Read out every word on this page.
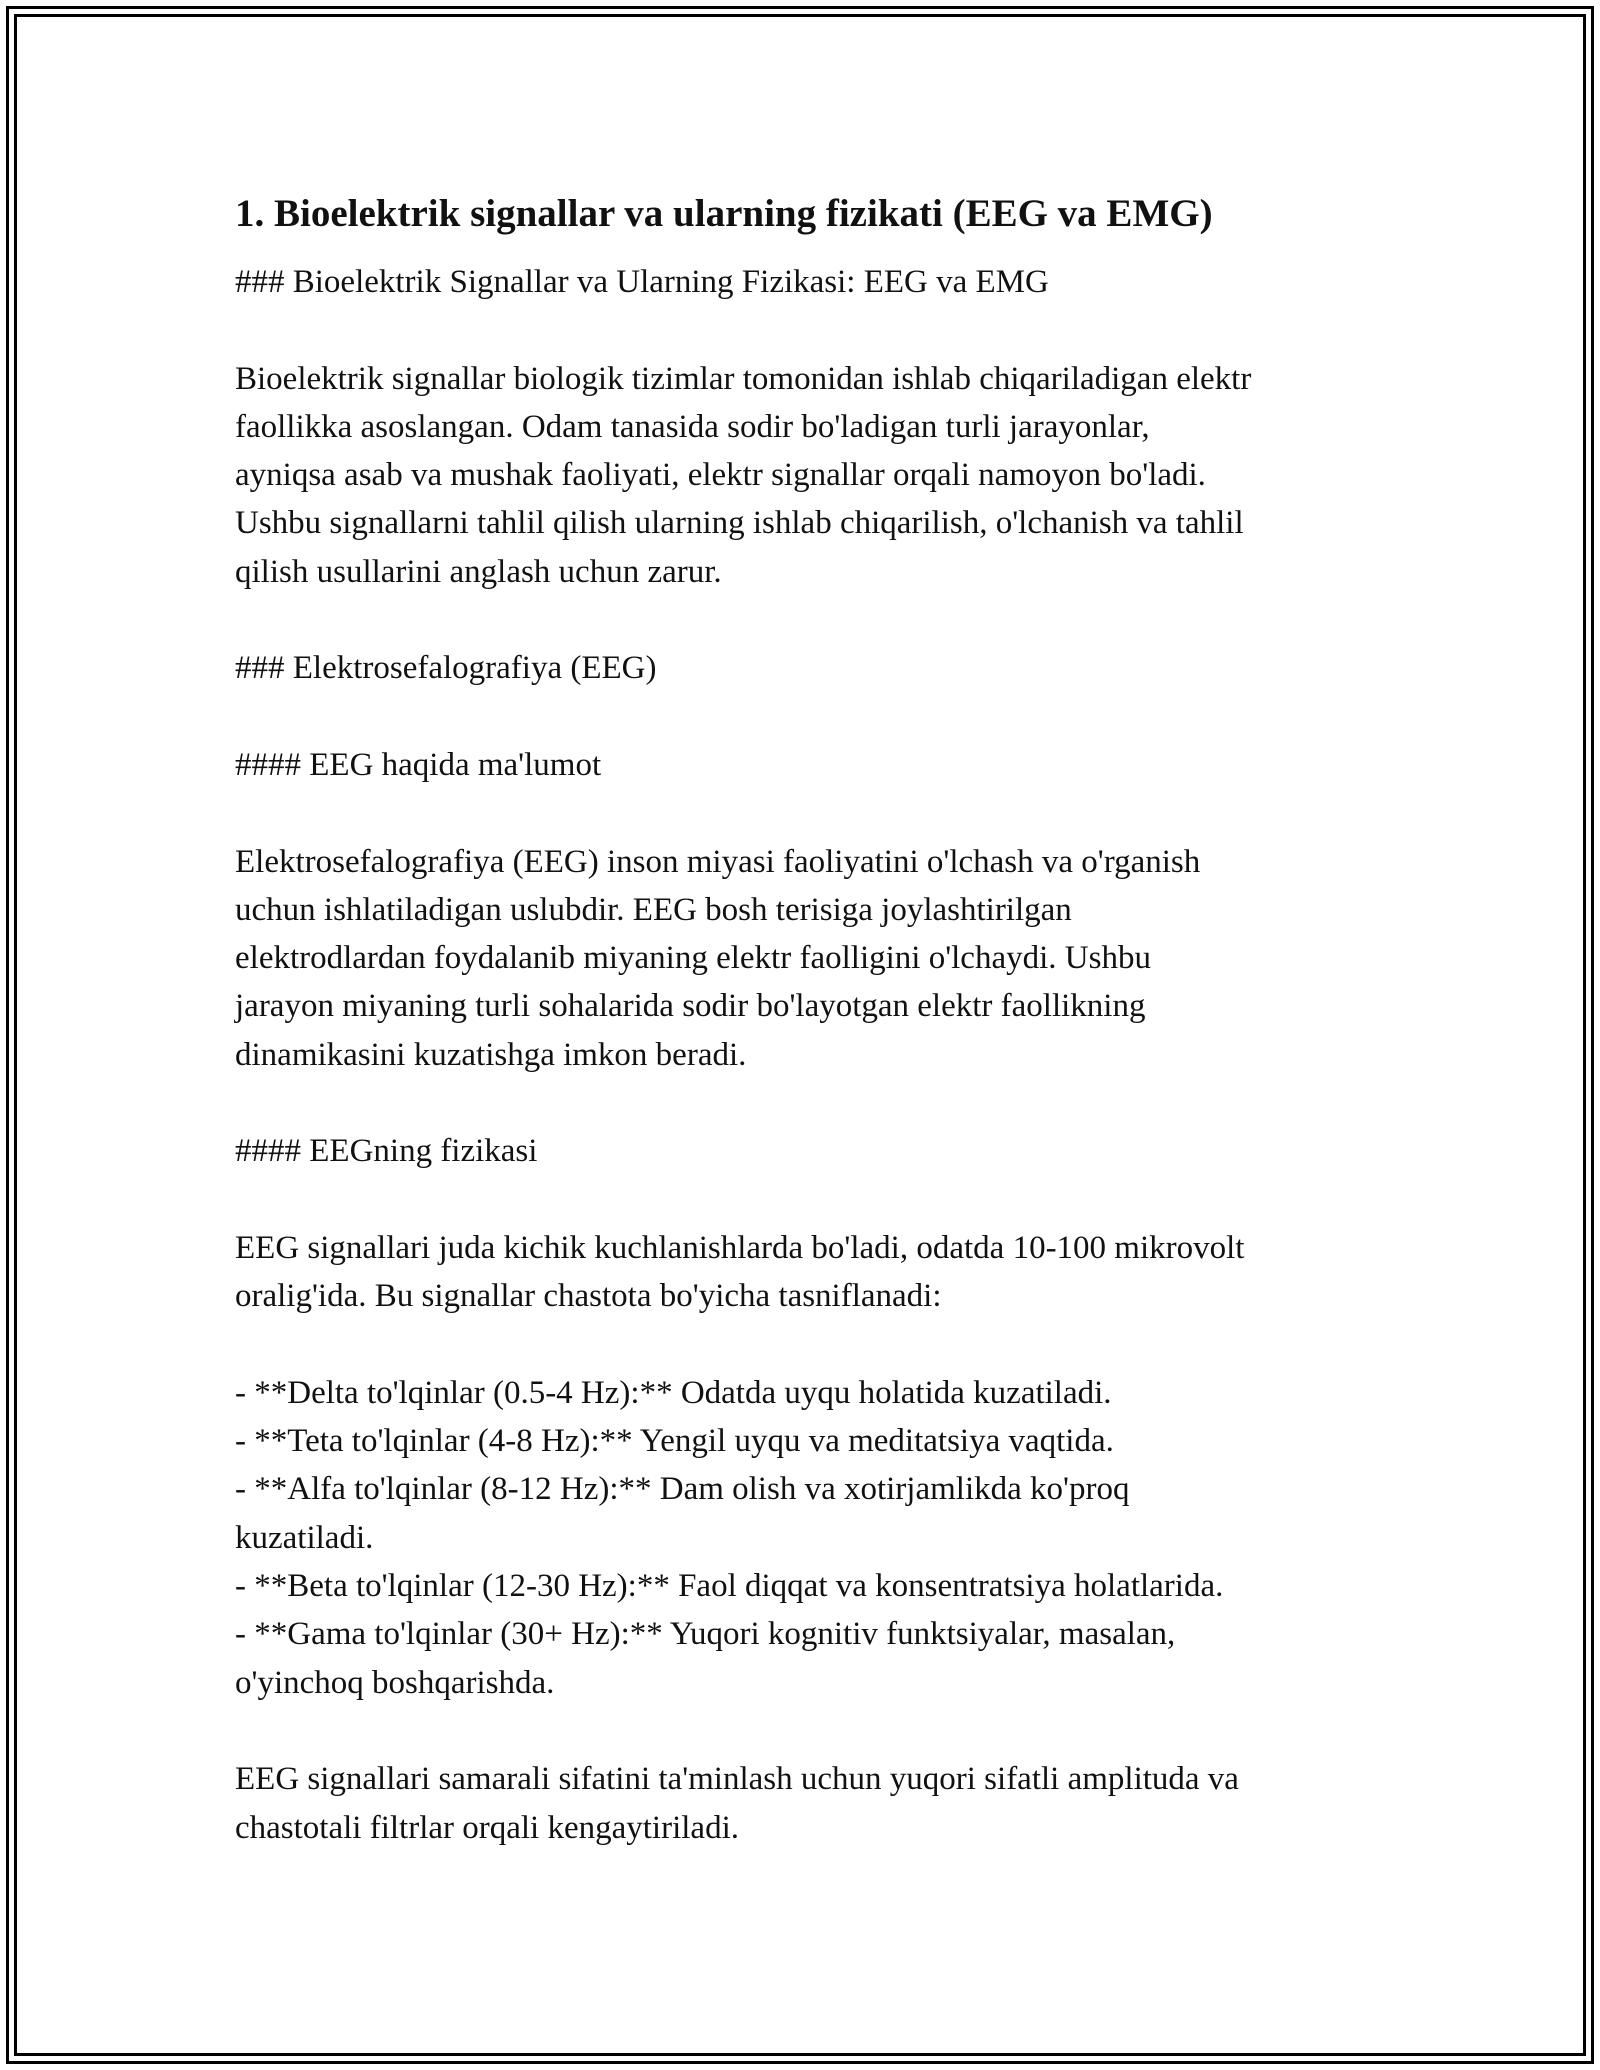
1. Bioelektrik signallar va ularning fizikati (EEG va EMG)
### Bioelektrik Signallar va Ularning Fizikasi: EEG va EMG
Bioelektrik signallar biologik tizimlar tomonidan ishlab chiqariladigan elektr
faollikka asoslangan. Odam tanasida sodir bo'ladigan turli jarayonlar,
ayniqsa asab va mushak faoliyati, elektr signallar orqali namoyon bo'ladi.
Ushbu signallarni tahlil qilish ularning ishlab chiqarilish, o'lchanish va tahlil
qilish usullarini anglash uchun zarur.
### Elektrosefalografiya (EEG)
#### EEG haqida ma'lumot
Elektrosefalografiya (EEG) inson miyasi faoliyatini o'lchash va o'rganish
uchun ishlatiladigan uslubdir. EEG bosh terisiga joylashtirilgan
elektrodlardan foydalanib miyaning elektr faolligini o'lchaydi. Ushbu
jarayon miyaning turli sohalarida sodir bo'layotgan elektr faollikning
dinamikasini kuzatishga imkon beradi.
#### EEGning fizikasi
EEG signallari juda kichik kuchlanishlarda bo'ladi, odatda 10-100 mikrovolt
oralig'ida. Bu signallar chastota bo'yicha tasniflanadi:
- **Delta to'lqinlar (0.5-4 Hz):** Odatda uyqu holatida kuzatiladi.
- **Teta to'lqinlar (4-8 Hz):** Yengil uyqu va meditatsiya vaqtida.
- **Alfa to'lqinlar (8-12 Hz):** Dam olish va xotirjamlikda ko'proq
kuzatiladi.
- **Beta to'lqinlar (12-30 Hz):** Faol diqqat va konsentratsiya holatlarida.
- **Gama to'lqinlar (30+ Hz):** Yuqori kognitiv funktsiyalar, masalan,
o'yinchoq boshqarishda.
EEG signallari samarali sifatini ta'minlash uchun yuqori sifatli amplituda va
chastotali filtrlar orqali kengaytiriladi.
